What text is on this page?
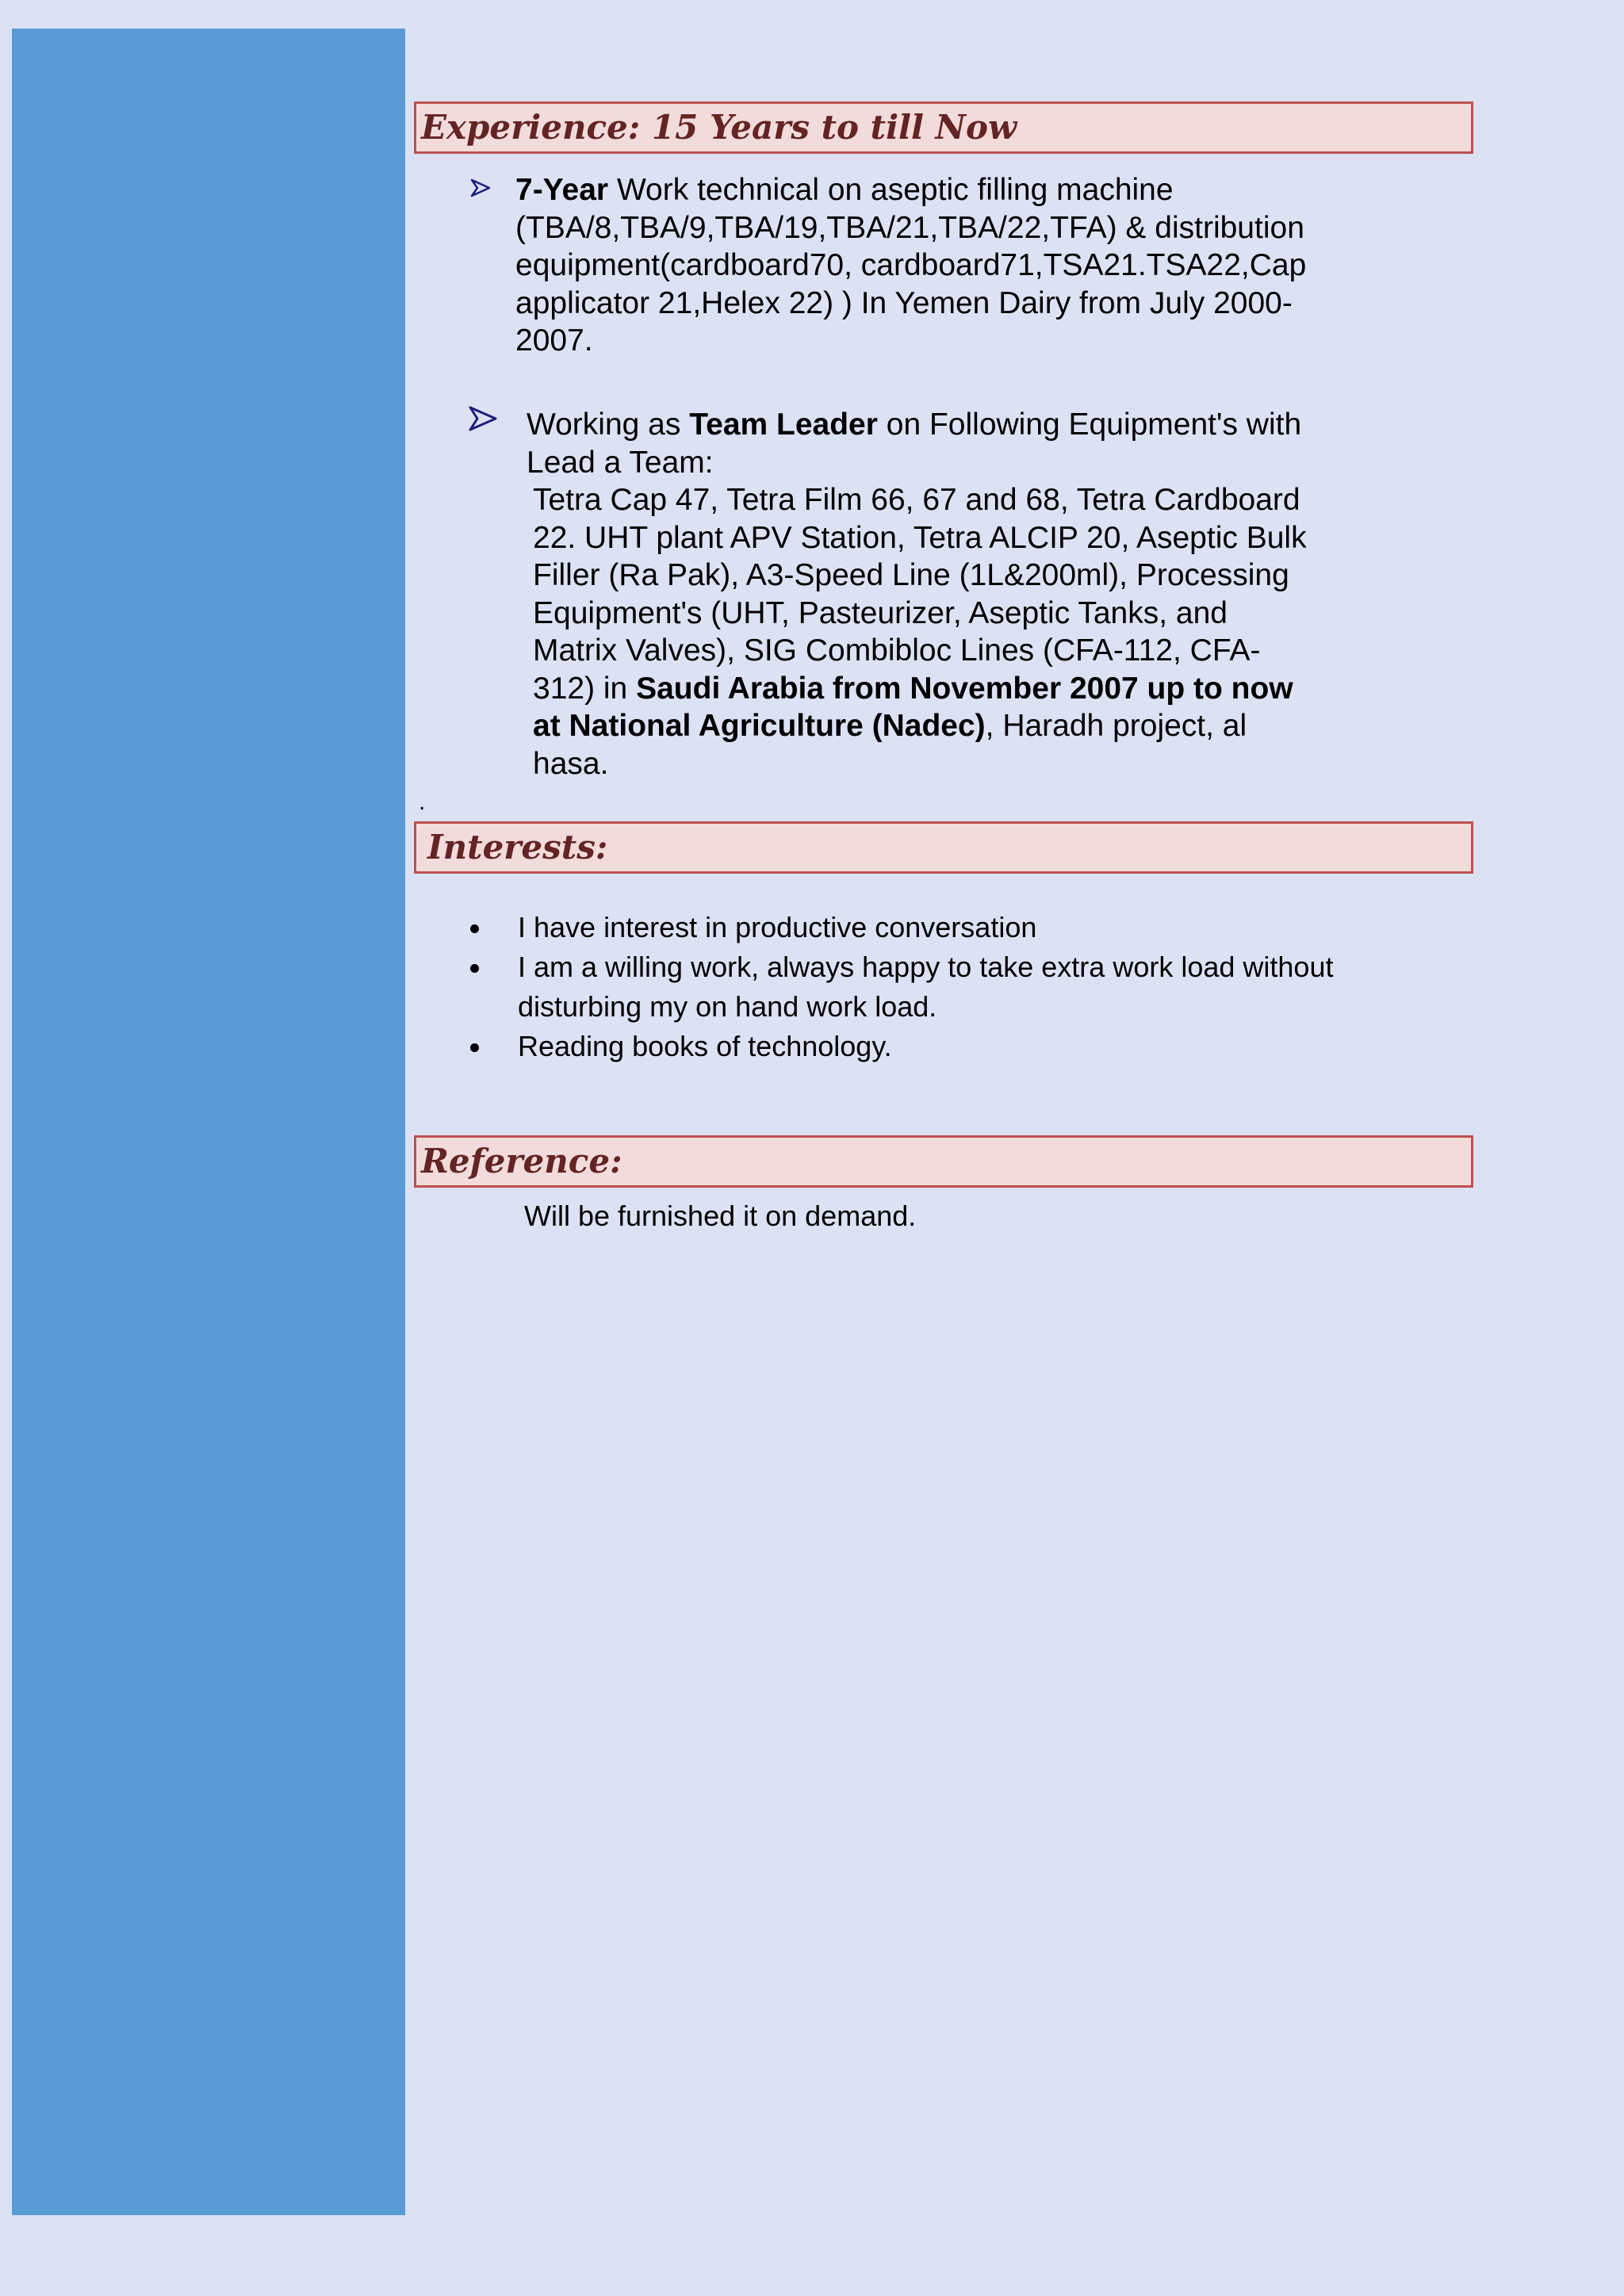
Experience: 15 Years to till Now
7-Year Work technical on aseptic filling machine
(TBA/8,TBA/9,TBA/19,TBA/21,TBA/22,TFA) & distribution
equipment(cardboard70, cardboard71,TSA21.TSA22,Cap
applicator 21,Helex 22) ) In Yemen Dairy from July 2000-
2007.
Working as Team Leader on Following Equipment's with
Lead a Team:
Tetra Cap 47, Tetra Film 66, 67 and 68, Tetra Cardboard
22. UHT plant APV Station, Tetra ALCIP 20, Aseptic Bulk
Filler (Ra Pak), A3-Speed Line (1L&200ml), Processing
Equipment's (UHT, Pasteurizer, Aseptic Tanks, and
Matrix Valves), SIG Combibloc Lines (CFA-112, CFA-
312) in Saudi Arabia from November 2007 up to now
at National Agriculture (Nadec), Haradh project, al
hasa.
.
Interests:
I have interest in productive conversation
I am a willing work, always happy to take extra work load without
disturbing my on hand work load.
Reading books of technology.
Reference:
Will be furnished it on demand.
